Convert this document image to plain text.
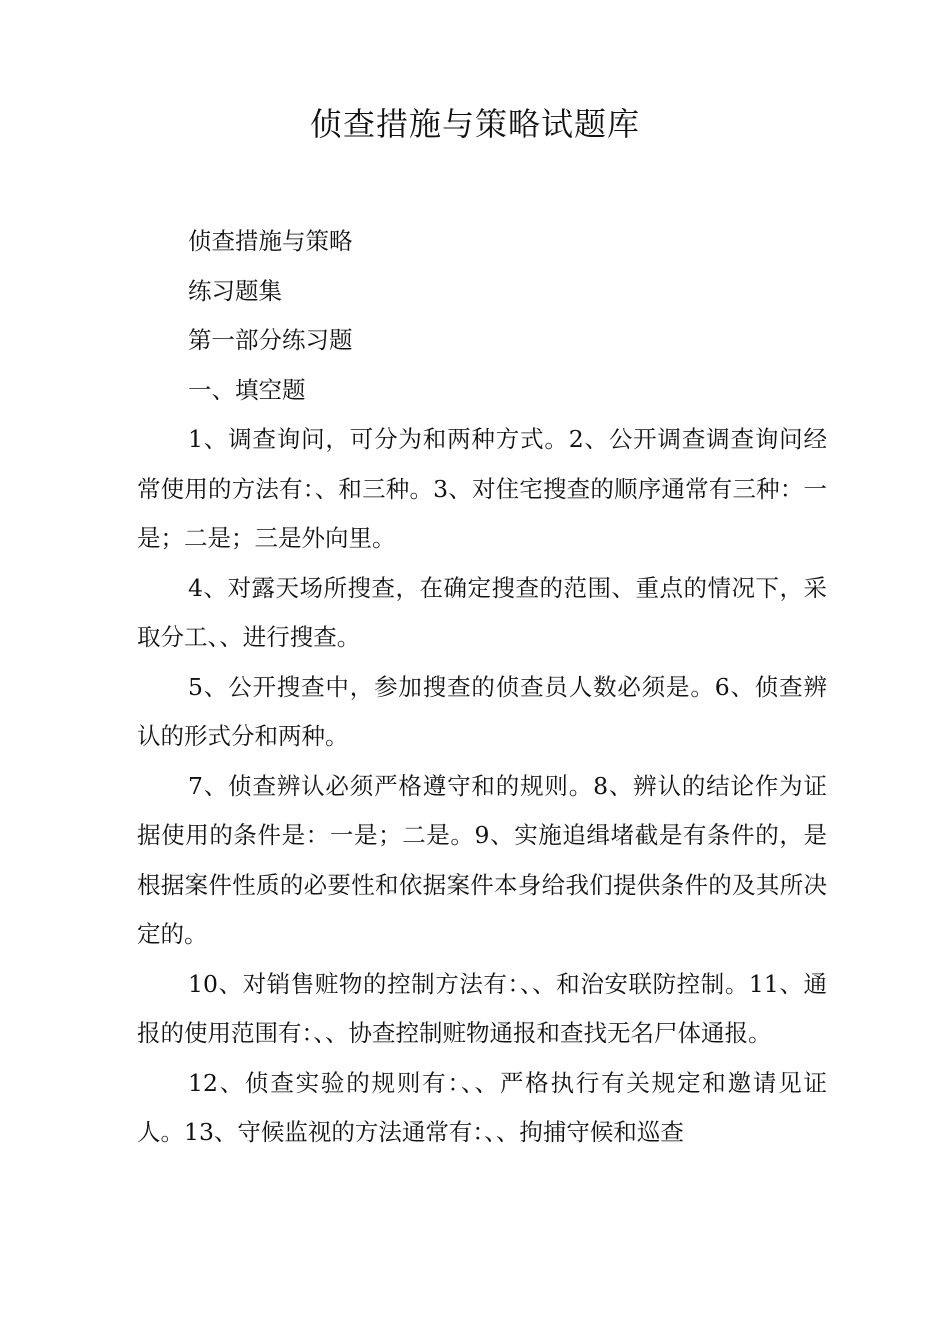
侦查措施与策略试题库

侦查措施与策略

练习题集

第一部分练习题

一、填空题

1、调查询问，可分为和两种方式。2、公开调查调查询问经常使用的方法有：、和三种。3、对住宅搜查的顺序通常有三种：一是；二是；三是外向里。

4、对露天场所搜查，在确定搜查的范围、重点的情况下，采取分工、、进行搜查。

5、公开搜查中，参加搜查的侦查员人数必须是。6、侦查辨认的形式分和两种。

7、侦查辨认必须严格遵守和的规则。8、辨认的结论作为证据使用的条件是：一是；二是。9、实施追缉堵截是有条件的，是根据案件性质的必要性和依据案件本身给我们提供条件的及其所决定的。

10、对销售赃物的控制方法有：、、和治安联防控制。11、通报的使用范围有：、、协查控制赃物通报和查找无名尸体通报。

12、侦查实验的规则有：、、严格执行有关规定和邀请见证人。13、守候监视的方法通常有：、、拘捕守候和巡查
